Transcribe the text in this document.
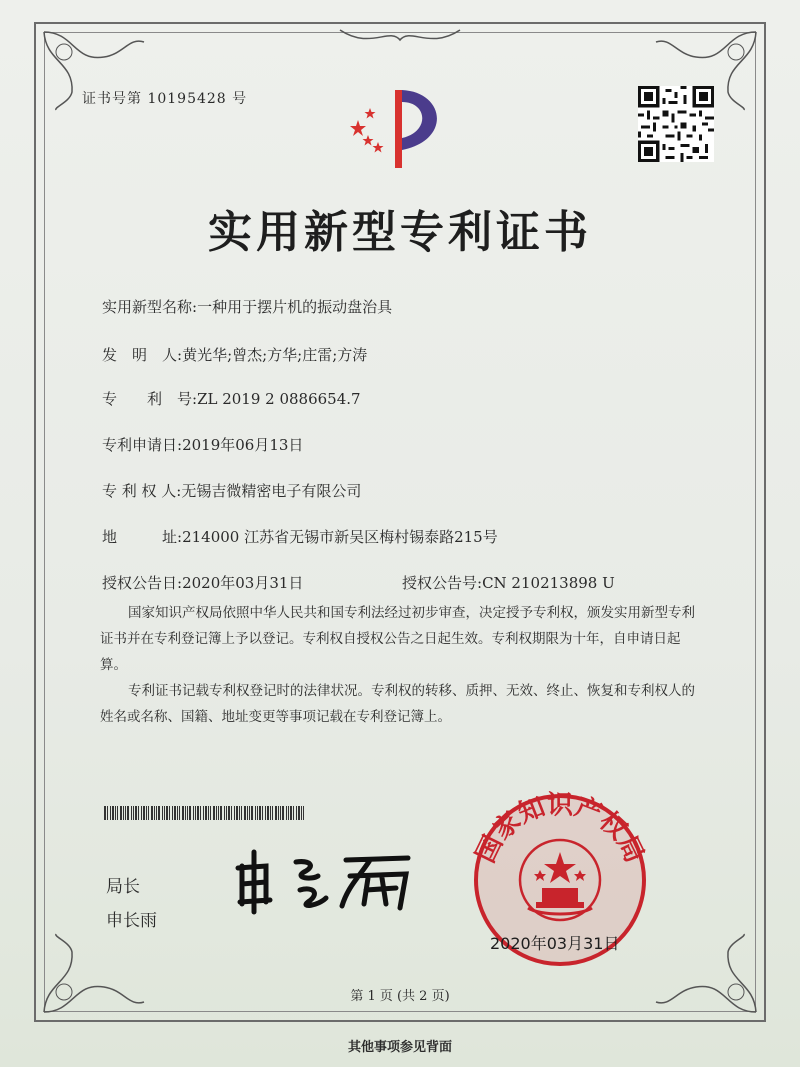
证书号第 10195428 号
实用新型专利证书
实用新型名称:一种用于摆片机的振动盘治具
发　明　人:黄光华;曾杰;方华;庄雷;方涛
专　　利　号:ZL 2019 2 0886654.7
专利申请日:2019年06月13日
专 利 权 人:无锡吉微精密电子有限公司
地　　　址:214000 江苏省无锡市新吴区梅村锡泰路215号
授权公告日:2020年03月31日	授权公告号:CN 210213898 U
国家知识产权局依照中华人民共和国专利法经过初步审查，决定授予专利权，颁发实用新型专利证书并在专利登记簿上予以登记。专利权自授权公告之日起生效。专利权期限为十年，自申请日起算。
专利证书记载专利权登记时的法律状况。专利权的转移、质押、无效、终止、恢复和专利权人的姓名或名称、国籍、地址变更等事项记载在专利登记簿上。
局长
申长雨
国家知识产权局
2020年03月31日
第 1 页 (共 2 页)
其他事项参见背面
